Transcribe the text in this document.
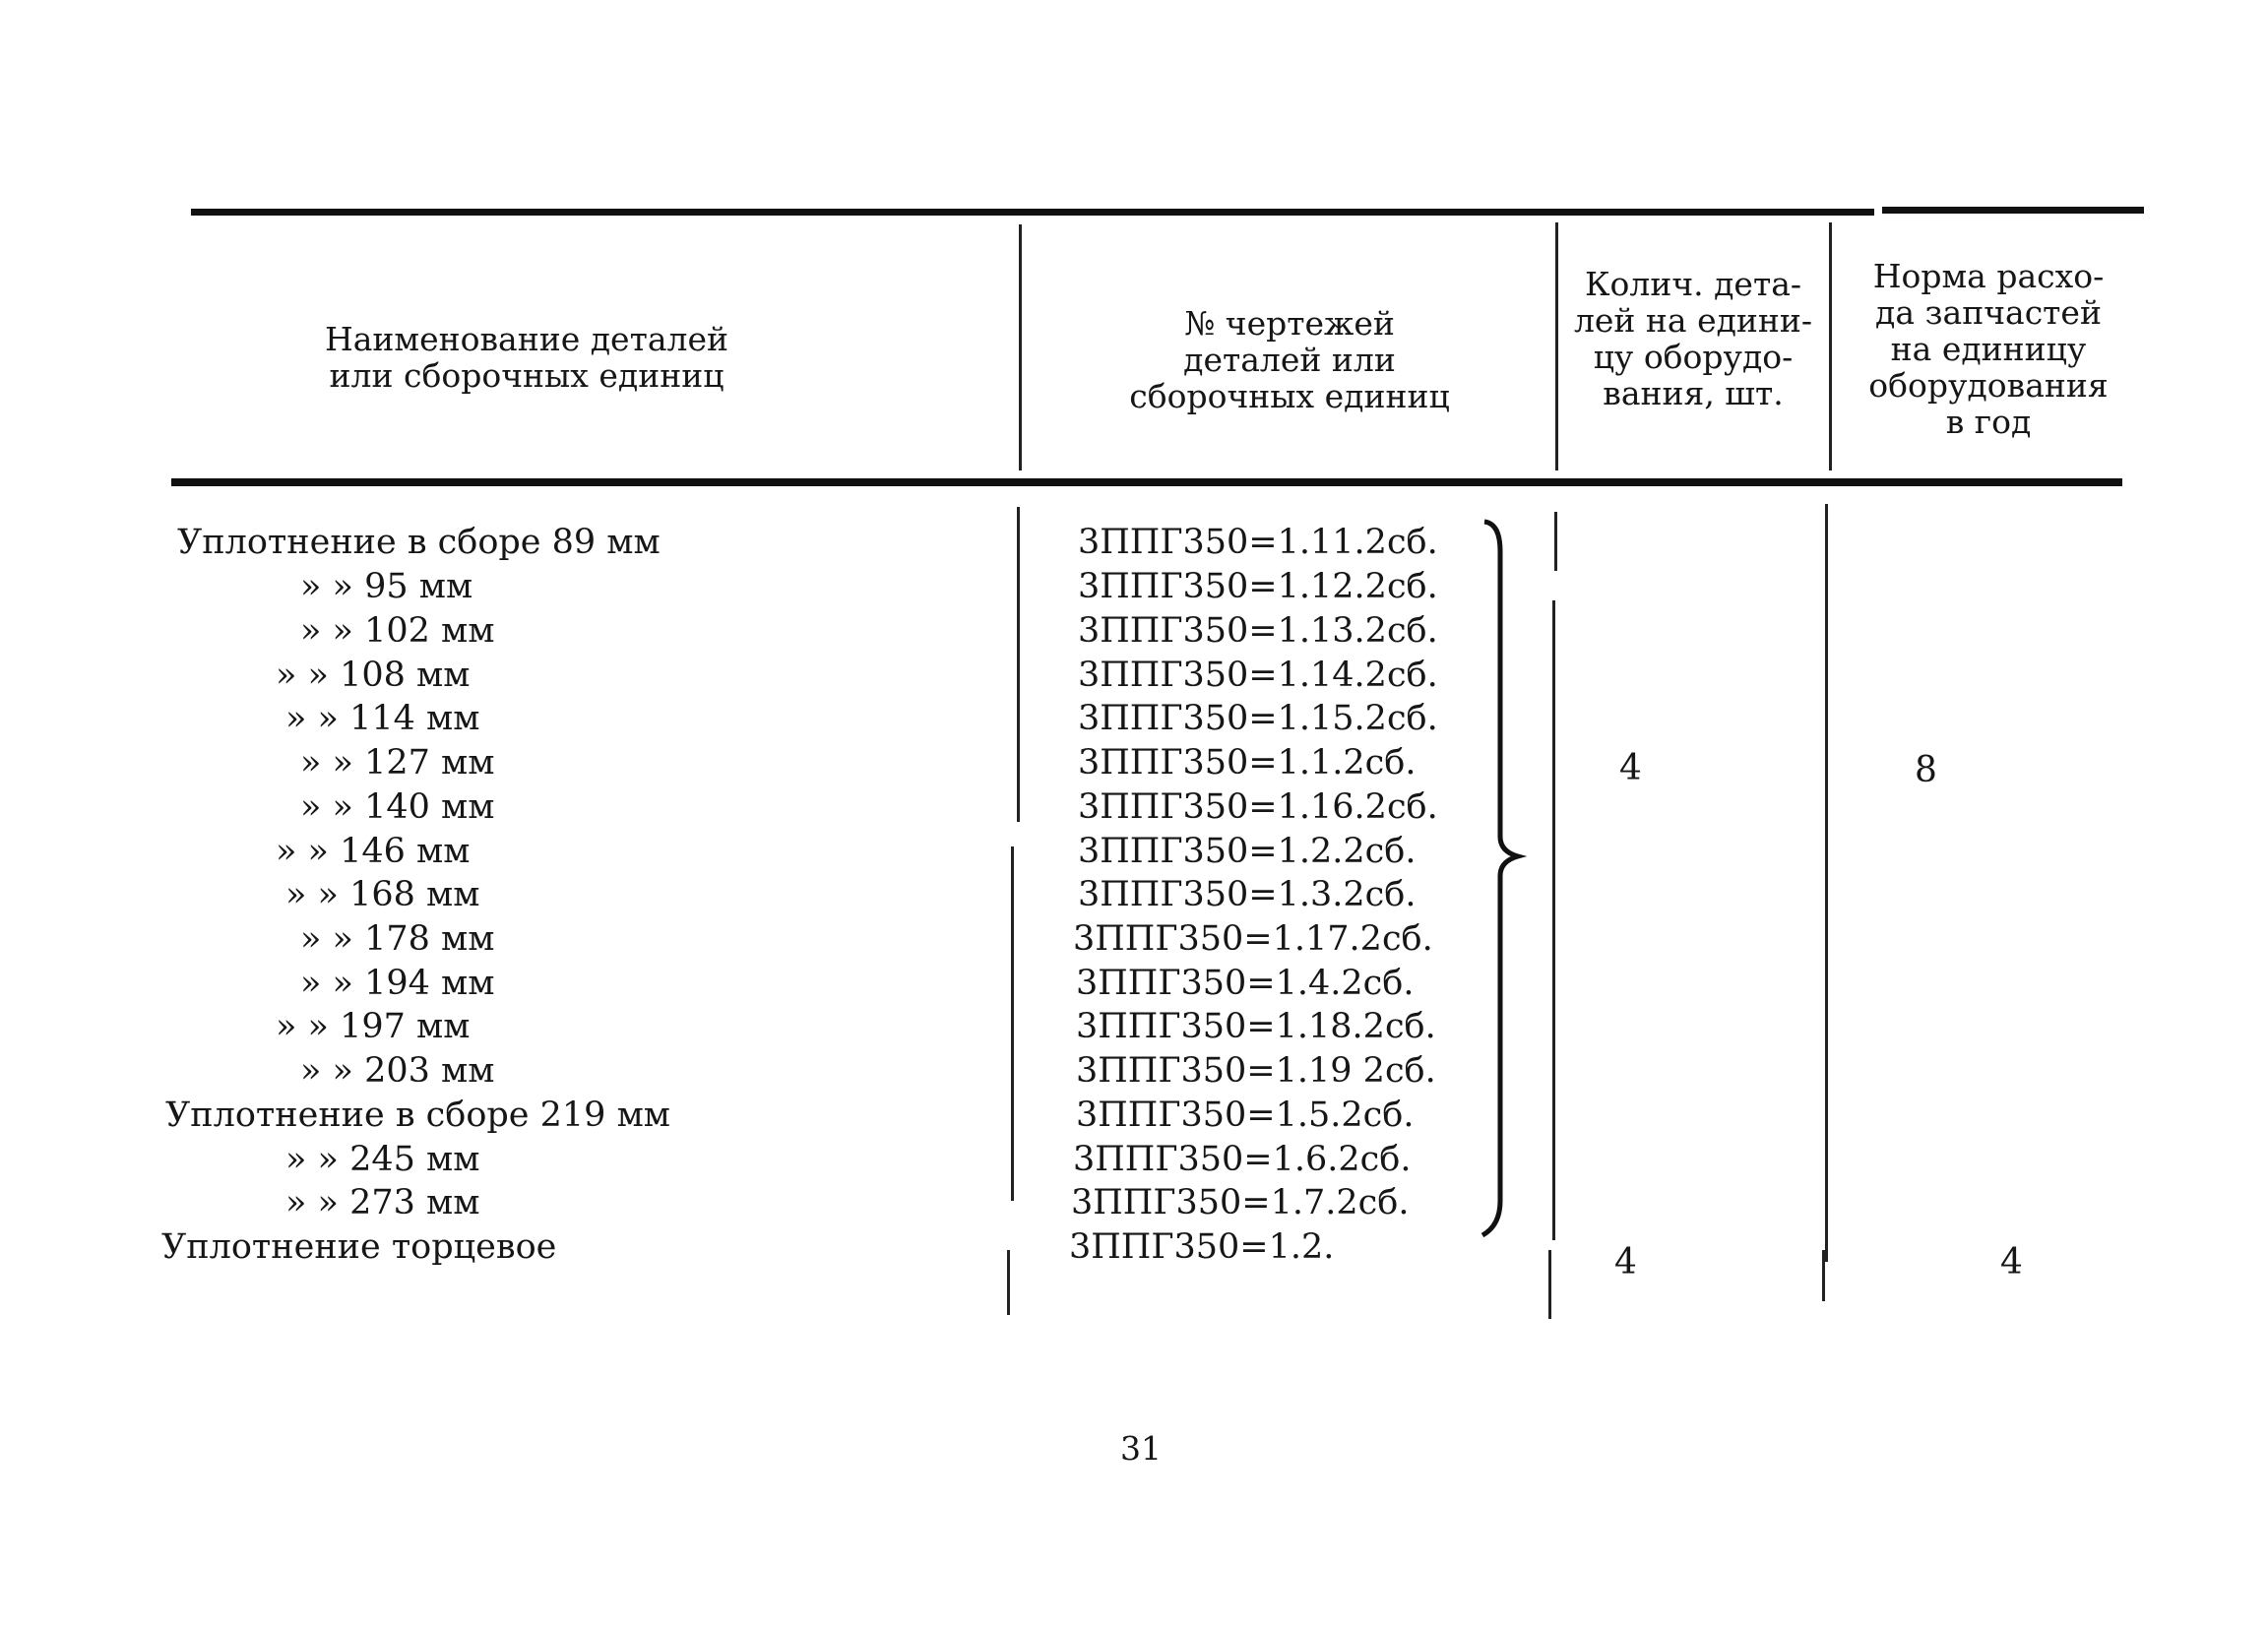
Наименование деталей
или сборочных единиц
№ чертежей
деталей или
сборочных единиц
Колич. дета-
лей на едини-
цу оборудо-
вания, шт.
Норма расхо-
да запчастей
на единицу
оборудования
в год
Уплотнение в сборе 89 мм
» » 95 мм
» » 102 мм
» » 108 мм
» » 114 мм
» » 127 мм
» » 140 мм
» » 146 мм
» » 168 мм
» » 178 мм
» » 194 мм
» » 197 мм
» » 203 мм
Уплотнение в сборе 219 мм
» » 245 мм
» » 273 мм
Уплотнение торцевое
3ППГ350=1.11.2сб.
3ППГ350=1.12.2сб.
3ППГ350=1.13.2сб.
3ППГ350=1.14.2сб.
3ППГ350=1.15.2сб.
3ППГ350=1.1.2сб.
3ППГ350=1.16.2сб.
3ППГ350=1.2.2сб.
3ППГ350=1.3.2сб.
3ППГ350=1.17.2сб.
3ППГ350=1.4.2сб.
3ППГ350=1.18.2сб.
3ППГ350=1.19 2сб.
3ППГ350=1.5.2сб.
3ППГ350=1.6.2сб.
3ППГ350=1.7.2сб.
3ППГ350=1.2.
4	8
4	4
31
